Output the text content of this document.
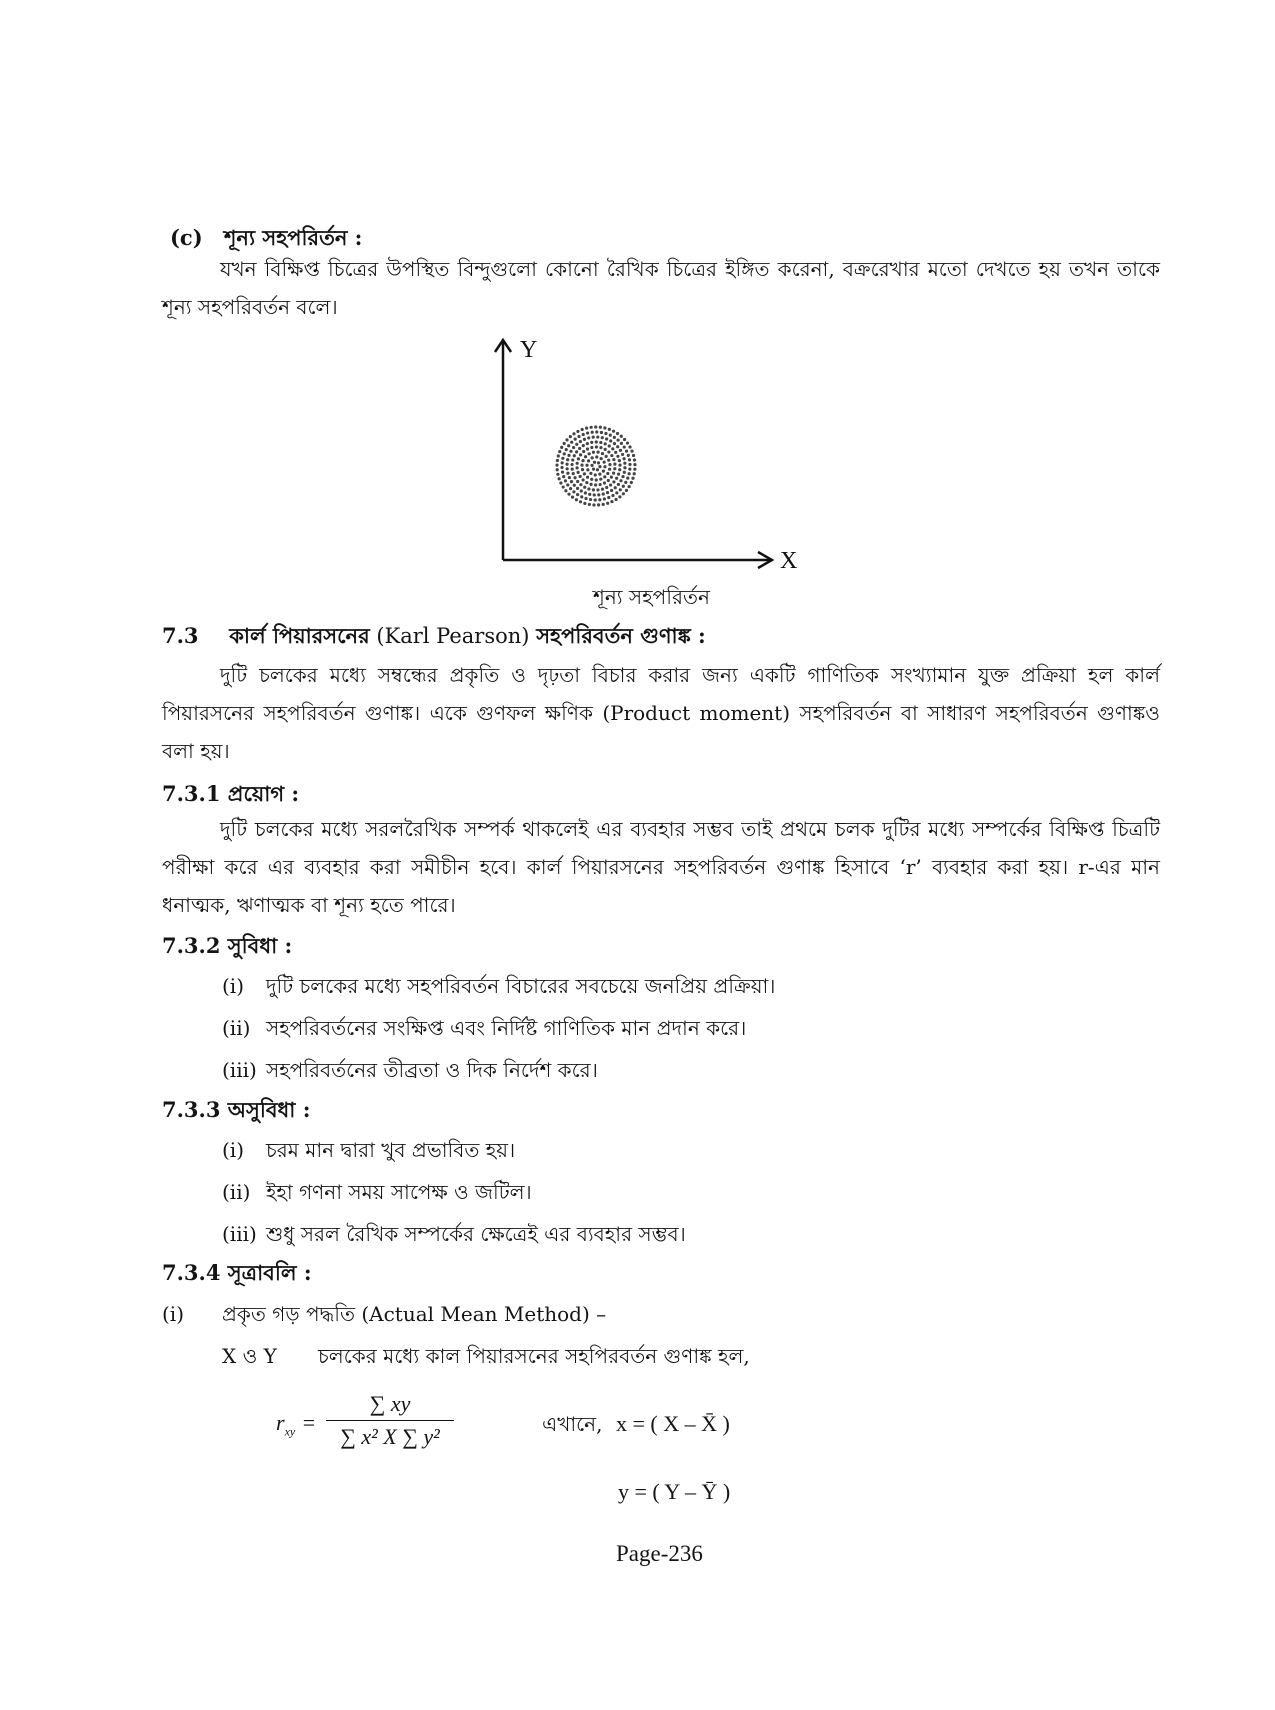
(c) শূন্য সহপরির্তন :
যখন বিক্ষিপ্ত চিত্রের উপস্থিত বিন্দুগুলো কোনো রৈখিক চিত্রের ইঙ্গিত করেনা, বক্ররেখার মতো দেখতে হয় তখন তাকে শূন্য সহপরিবর্তন বলে।
Y
X
শূন্য সহপরির্তন
7.3 কার্ল পিয়ারসনের (Karl Pearson) সহপরিবর্তন গুণাঙ্ক :
দুটি চলকের মধ্যে সম্বন্ধের প্রকৃতি ও দৃঢ়তা বিচার করার জন্য একটি গাণিতিক সংখ্যামান যুক্ত প্রক্রিয়া হল কার্ল পিয়ারসনের সহপরিবর্তন গুণাঙ্ক। একে গুণফল ক্ষণিক (Product moment) সহপরিবর্তন বা সাধারণ সহপরিবর্তন গুণাঙ্কও বলা হয়।
7.3.1 প্রয়োগ :
দুটি চলকের মধ্যে সরলরৈখিক সম্পর্ক থাকলেই এর ব্যবহার সম্ভব তাই প্রথমে চলক দুটির মধ্যে সম্পর্কের বিক্ষিপ্ত চিত্রটি পরীক্ষা করে এর ব্যবহার করা সমীচীন হবে। কার্ল পিয়ারসনের সহপরিবর্তন গুণাঙ্ক হিসাবে ‘r’ ব্যবহার করা হয়। r-এর মান ধনাত্মক, ঋণাত্মক বা শূন্য হতে পারে।
7.3.2 সুবিধা :
(i) দুটি চলকের মধ্যে সহপরিবর্তন বিচারের সবচেয়ে জনপ্রিয় প্রক্রিয়া।
(ii) সহপরিবর্তনের সংক্ষিপ্ত এবং নির্দিষ্ট গাণিতিক মান প্রদান করে।
(iii) সহপরিবর্তনের তীব্রতা ও দিক নির্দেশ করে।
7.3.3 অসুবিধা :
(i) চরম মান দ্বারা খুব প্রভাবিত হয়।
(ii) ইহা গণনা সময় সাপেক্ষ ও জটিল।
(iii) শুধু সরল রৈখিক সম্পর্কের ক্ষেত্রেই এর ব্যবহার সম্ভব।
7.3.4 সূত্রাবলি :
(i) প্রকৃত গড় পদ্ধতি (Actual Mean Method) –
X ও Y চলকের মধ্যে কাল পিয়ারসনের সহপিরবর্তন গুণাঙ্ক হল,
$r_{xy}$ =
∑ xy
∑ x² X ∑ y²	এখানে, x = ( X – X̄ )
y = ( Y – Ȳ )
Page-236
